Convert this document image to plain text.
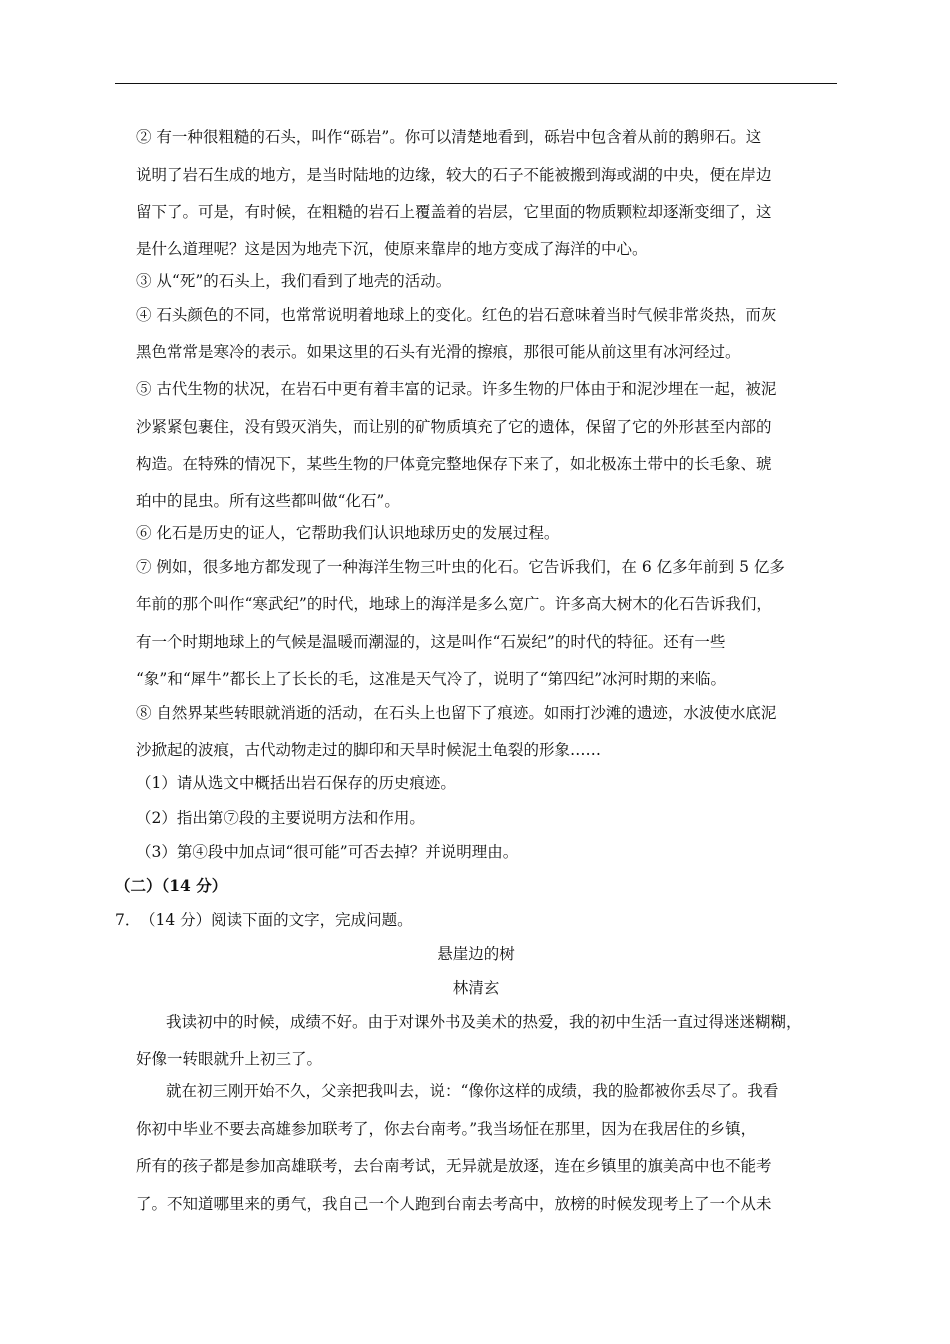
② 有一种很粗糙的石头，叫作“砾岩”。你可以清楚地看到，砾岩中包含着从前的鹅卵石。这
说明了岩石生成的地方，是当时陆地的边缘，较大的石子不能被搬到海或湖的中央，便在岸边
留下了。可是，有时候，在粗糙的岩石上覆盖着的岩层，它里面的物质颗粒却逐渐变细了，这
是什么道理呢？这是因为地壳下沉，使原来靠岸的地方变成了海洋的中心。
③ 从“死”的石头上，我们看到了地壳的活动。
④ 石头颜色的不同，也常常说明着地球上的变化。红色的岩石意味着当时气候非常炎热，而灰
黑色常常是寒冷的表示。如果这里的石头有光滑的擦痕，那很可能从前这里有冰河经过。
⑤ 古代生物的状况，在岩石中更有着丰富的记录。许多生物的尸体由于和泥沙埋在一起，被泥
沙紧紧包裹住，没有毁灭消失，而让别的矿物质填充了它的遗体，保留了它的外形甚至内部的
构造。在特殊的情况下，某些生物的尸体竟完整地保存下来了，如北极冻土带中的长毛象、琥
珀中的昆虫。所有这些都叫做“化石”。
⑥ 化石是历史的证人，它帮助我们认识地球历史的发展过程。
⑦ 例如，很多地方都发现了一种海洋生物三叶虫的化石。它告诉我们，在 6 亿多年前到 5 亿多
年前的那个叫作“寒武纪”的时代，地球上的海洋是多么宽广。许多高大树木的化石告诉我们，
有一个时期地球上的气候是温暖而潮湿的，这是叫作“石炭纪”的时代的特征。还有一些
“象”和“犀牛”都长上了长长的毛，这准是天气冷了，说明了“第四纪”冰河时期的来临。
⑧ 自然界某些转眼就消逝的活动，在石头上也留下了痕迹。如雨打沙滩的遗迹，水波使水底泥
沙掀起的波痕，古代动物走过的脚印和天旱时候泥土龟裂的形象……
（1）请从选文中概括出岩石保存的历史痕迹。
（2）指出第⑦段的主要说明方法和作用。
（3）第④段中加点词“很可能”可否去掉？并说明理由。
（二）（14 分）
7． （14 分）阅读下面的文字，完成问题。
悬崖边的树
林清玄
我读初中的时候，成绩不好。由于对课外书及美术的热爱，我的初中生活一直过得迷迷糊糊，
好像一转眼就升上初三了。
就在初三刚开始不久，父亲把我叫去，说：“像你这样的成绩，我的脸都被你丢尽了。我看
你初中毕业不要去高雄参加联考了，你去台南考。”我当场怔在那里，因为在我居住的乡镇，
所有的孩子都是参加高雄联考，去台南考试，无异就是放逐，连在乡镇里的旗美高中也不能考
了。不知道哪里来的勇气，我自己一个人跑到台南去考高中，放榜的时候发现考上了一个从未
